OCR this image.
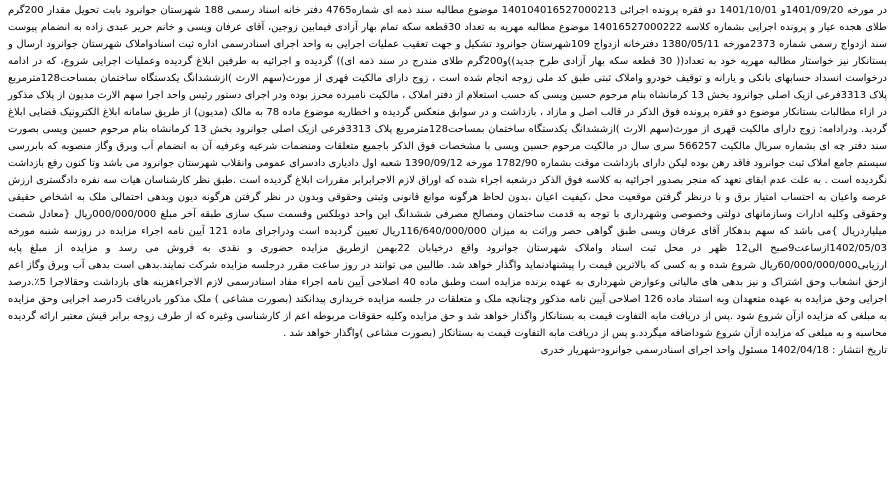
در مورخه 1401/09/20و 1401/10/01 دو فقره پرونده اجرائی 140104016527000213 موضوع مطالبه سند ذمه ای شماره4765 دفتر خانه اسناد رسمی 188 شهرستان جوانرود بابت تحویل مقدار 200گرم طلای هجده عیار و پرونده اجرایی بشماره کلاسه 14016527000222 موضوع مطالبه مهریه به تعداد 30قطعه سکه تمام بهار آزادی فیمابین زوجین، آقای عرفان ویسی و خانم حریر عبدی زاده به انضمام پیوست سند ازدواج رسمی شماره 2373مورخه 1380/05/11 دفترخانه ازدواج 109شهرستان جوانرود تشکیل و جهت تعقیب عملیات اجرایی به واحد اجرای اسنادرسمی اداره ثبت اسنادواملاک شهرستان جوانرود ارسال و بستانکار نیز خواستار مطالبه مهریه خود به تعداد(( 30 قطعه سکه بهار آزادی طرح جدید))و200گرم طلای مندرج در سند ذمه ای)) گردیده و اجرائیه به طرفین ابلاغ گردیده وعملیات اجرایی شروع، که در ادامه درخواست انسداد حسابهای بانکی و یارانه و توقیف خودرو واملاک ثبتی طبق کد ملی زوجه انجام شده است ، زوج دارای مالکیت قهری از مورث(سهم الارث )ازششدانگ یکدستگاه ساختمان بمساحت128مترمربع پلاک 3313فرعی ازیک اصلی جوانرود بخش 13 کرمانشاه بنام مرحوم حسین ویسی که حسب استعلام از دفتر املاک ، مالکیت نامبرده محرز بوده ودر اجرای دستور رئیس واحد اجرا سهم الارث مدیون از پلاک مذکور در ازاء مطالبات بستانکار موضوع دو فقره پرونده فوق الذکر در قالب اصل و مازاد ، بازداشت و در سوابق منعکس گردیده و اخطاریه موضوع ماده 78 به مالک (مدیون) از طریق سامانه ابلاغ الکترونیک قضایی ابلاغ گردید. ودرادامه: زوج دارای مالکیت قهری از مورث(سهم الارث )ازششدانگ یکدستگاه ساختمان بمساحت128مترمربع پلاک 3313فرعی ازیک اصلی جوانرود بخش 13 کرمانشاه بنام مرحوم حسین ویسی بصورت سند دفتر چه ای بشماره سریال مالکیت 566257 سری سال در مالکیت مرحوم حسین ویسی با مشخصات فوق الذکر باجمیع متعلقات ومنضمات شرعیه وعرفیه آن به انضمام آب وبرق وگاز منصوبه که بابررسی سیستم جامع املاک ثبت جوانرود فاقد رهن بوده لیکن دارای بازداشت موقت بشماره 1782/90 مورخه 1390/09/12 شعبه اول دادیاری دادسرای عمومی وانقلاب شهرستان جوانرود می باشد وتا کنون رفع بازداشت نگردیده است . به علت عدم ابقای تعهد که منجر بصدور اجرائیه به کلاسه فوق الذکر درشعبه اجراء شده که اوراق لازم الاجرابرابر مقررات ابلاغ گردیده است .طبق نظر کارشناسان هیات سه نفره دادگستری ارزش عرصه واعیان به احتساب امتیاز برق و با درنظر گرفتن موقعیت محل ،کیفیت اعیان ،بدون لحاظ هرگونه موانع قانونی وثبتی وحقوقی وبدون در نظر گرفتن هرگونه دیون وبدهی احتمالی ملک به اشخاص حقیقی وحقوقی وکلیه ادارات وسازمانهای دولتی وخصوصی وشهرداری با توجه به قدمت ساختمان ومصالح مصرفی ششدانگ این واحد دوبلکس وقسمت سبک سازی طبقه آخر مبلغ 000/000/000ریال {معادل شصت میلیاردریال }می باشد که سهم بدهکار آقای عرفان ویسی طبق گواهی حصر وراثت به میزان 116/640/000/000ریال تعیین گردیده است ودراجرای ماده 121 آیین نامه اجراء مزایده در روزسه شنبه مورخه 1402/05/03ازساعت9صبح الی12 ظهر در محل ثبت اسناد واملاک شهرستان جوانرود واقع درخیابان 22بهمن ازطریق مزایده حضوری و نقدی به فروش می رسد و مزایده از مبلغ پایه ارزیابی60/000/000/000ریال شروع شده و به کسی که بالاترین قیمت را پیشنهادنماید واگذار خواهد شد. طالبین می توانند در روز ساعت مقرر درجلسه مزایده شرکت نمایند.بدهی است بدهی آب وبرق وگاز اعم ازحق انشعاب وحق اشتراک و نیز بدهی های مالیاتی وعوارض شهرداری به عهده برنده مزایده است وطبق ماده 40 اصلاحی آیین نامه اجراء مفاد اسنادرسمی لازم الاجراءهزینه های بازداشت وحقالاجرا 5٪.درصد اجرایی وحق مزایده به عهده متعهدان وبه استناد ماده 126 اصلاحی آیین نامه مذکور وچنانچه ملک و متعلقات در جلسه مزایده خریداری پیدانکند (بصورت مشاعی ) ملک مذکور بادریافت 5درصد اجرایی وحق مزایده به مبلغی که مزایده ازآن شروع شود .پس از دریافت مابه التفاوت قیمت به بستانکار واگذار خواهد شد و حق مزایده وکلیه حقوقات مربوطه اعم از کارشناسی وغیره که از طرف زوجه برابر قیش معتبر ارائه گردیده محاسبه و به مبلغی که مزایده ازآن شروع شوداضافه میگردد.و پس از دریافت مابه التفاوت قیمت به بستانکار (بصورت مشاعی )واگذار خواهد شد .

تاریخ انتشار : 1402/04/18 مسئول واحد اجرای اسنادرسمی جوانرود-شهریار خدری
